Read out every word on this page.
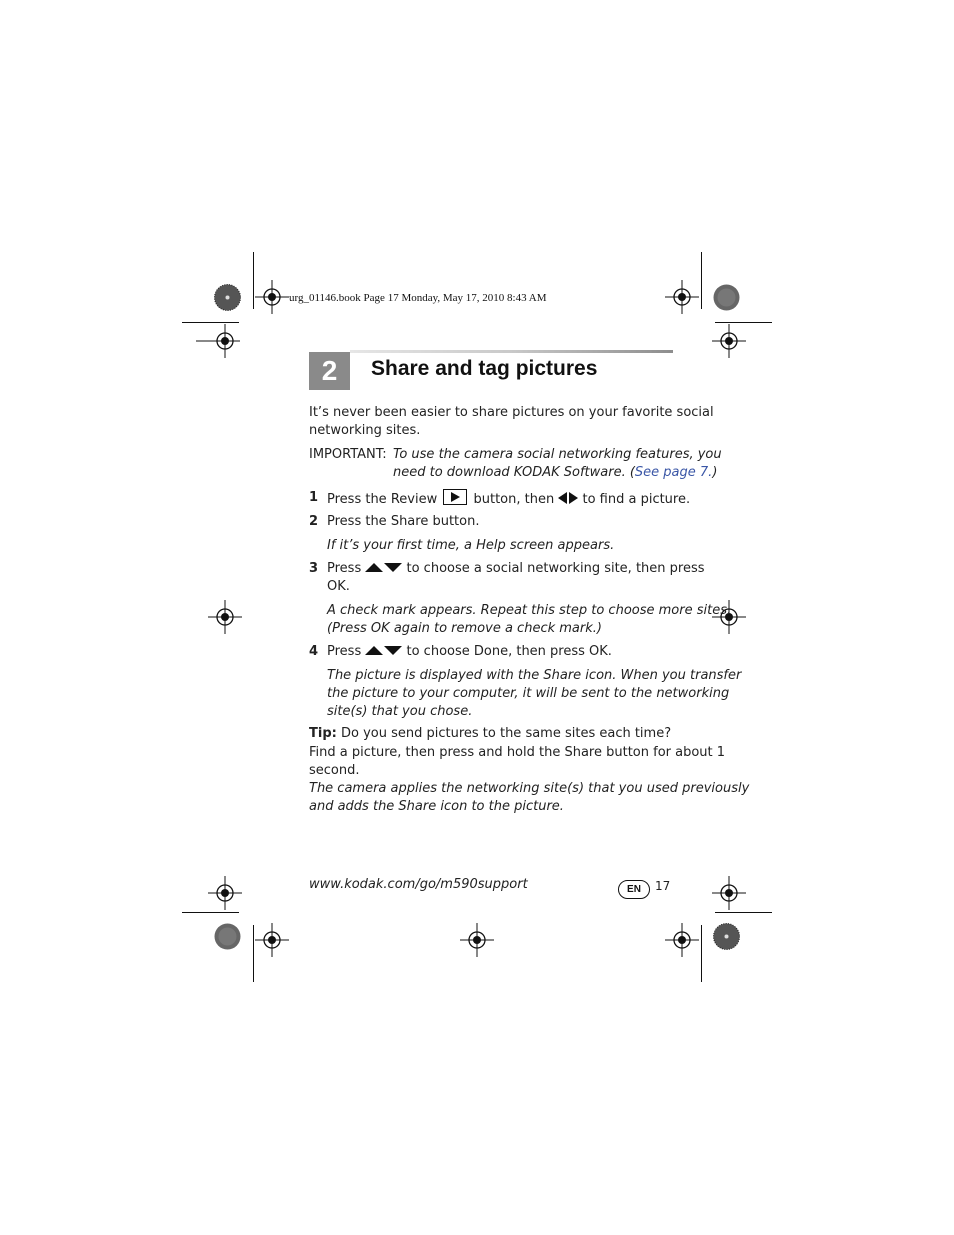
urg_01146.book Page 17 Monday, May 17, 2010 8:43 AM
2	Share and tag pictures
It’s never been easier to share pictures on your favorite social
networking sites.
IMPORTANT: To use the camera social networking features, you
need to download KODAK Software. (See page 7.)
1 Press the Review	button, then to find a picture.
2 Press the Share button.
If it’s your first time, a Help screen appears.
3 Press	to choose a social networking site, then press
OK.
A check mark appears. Repeat this step to choose more sites.
(Press OK again to remove a check mark.)
4 Press	to choose Done, then press OK.
The picture is displayed with the Share icon. When you transfer
the picture to your computer, it will be sent to the networking
site(s) that you chose.
Tip: Do you send pictures to the same sites each time?
Find a picture, then press and hold the Share button for about 1
second.
The camera applies the networking site(s) that you used previously
and adds the Share icon to the picture.
www.kodak.com/go/m590support	EN	17
